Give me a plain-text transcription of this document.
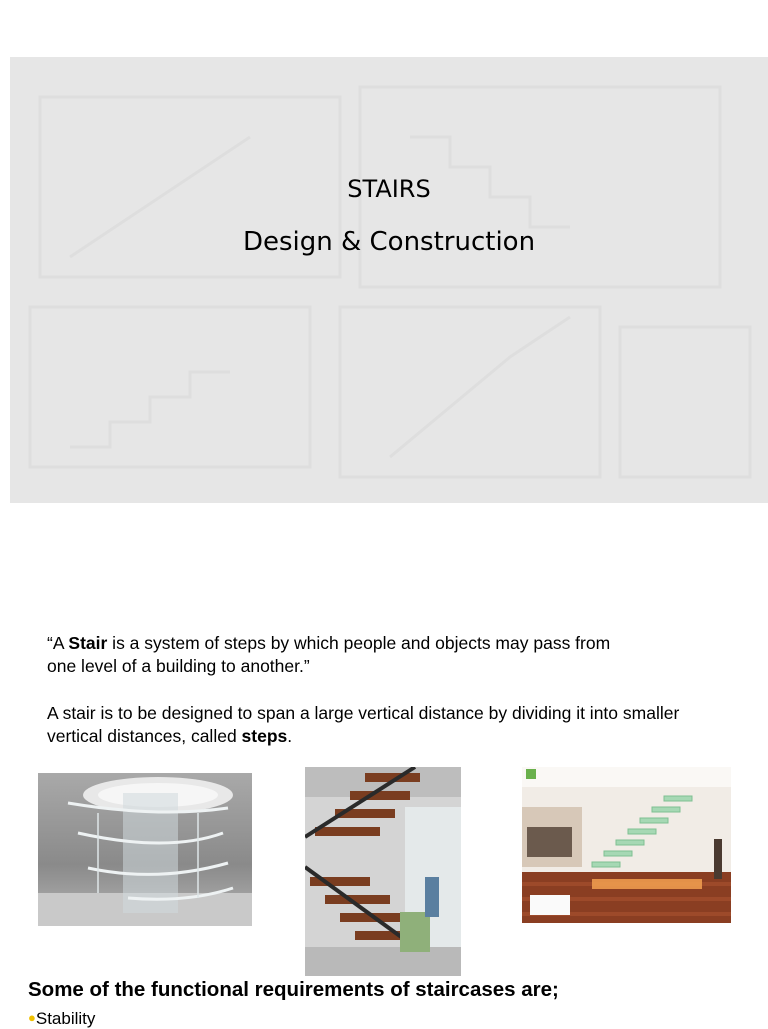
STAIRS
Design & Construction
“A Stair is a system of steps by which people and objects may pass from
one level of a building to another.”
A stair is to be designed to span a large vertical distance by dividing it into smaller vertical distances, called steps.
Some of the functional requirements of staircases are;
●Stability
